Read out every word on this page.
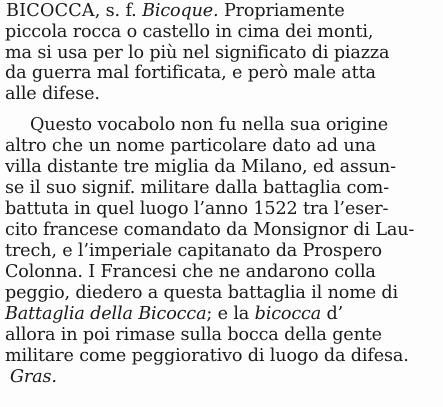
BICOCCA, s. f. Bicoque. Propriamente
piccola rocca o castello in cima dei monti,
ma si usa per lo più nel significato di piazza
da guerra mal fortificata, e però male atta
alle difese.
Questo vocabolo non fu nella sua origine
altro che un nome particolare dato ad una
villa distante tre miglia da Milano, ed assun-
se il suo signif. militare dalla battaglia com-
battuta in quel luogo l’anno 1522 tra l’eser-
cito francese comandato da Monsignor di Lau-
trech, e l’imperiale capitanato da Prospero
Colonna. I Francesi che ne andarono colla
peggio, diedero a questa battaglia il nome di
Battaglia della Bicocca; e la bicocca d’
allora in poi rimase sulla bocca della gente
militare come peggiorativo di luogo da difesa.
Gras.
